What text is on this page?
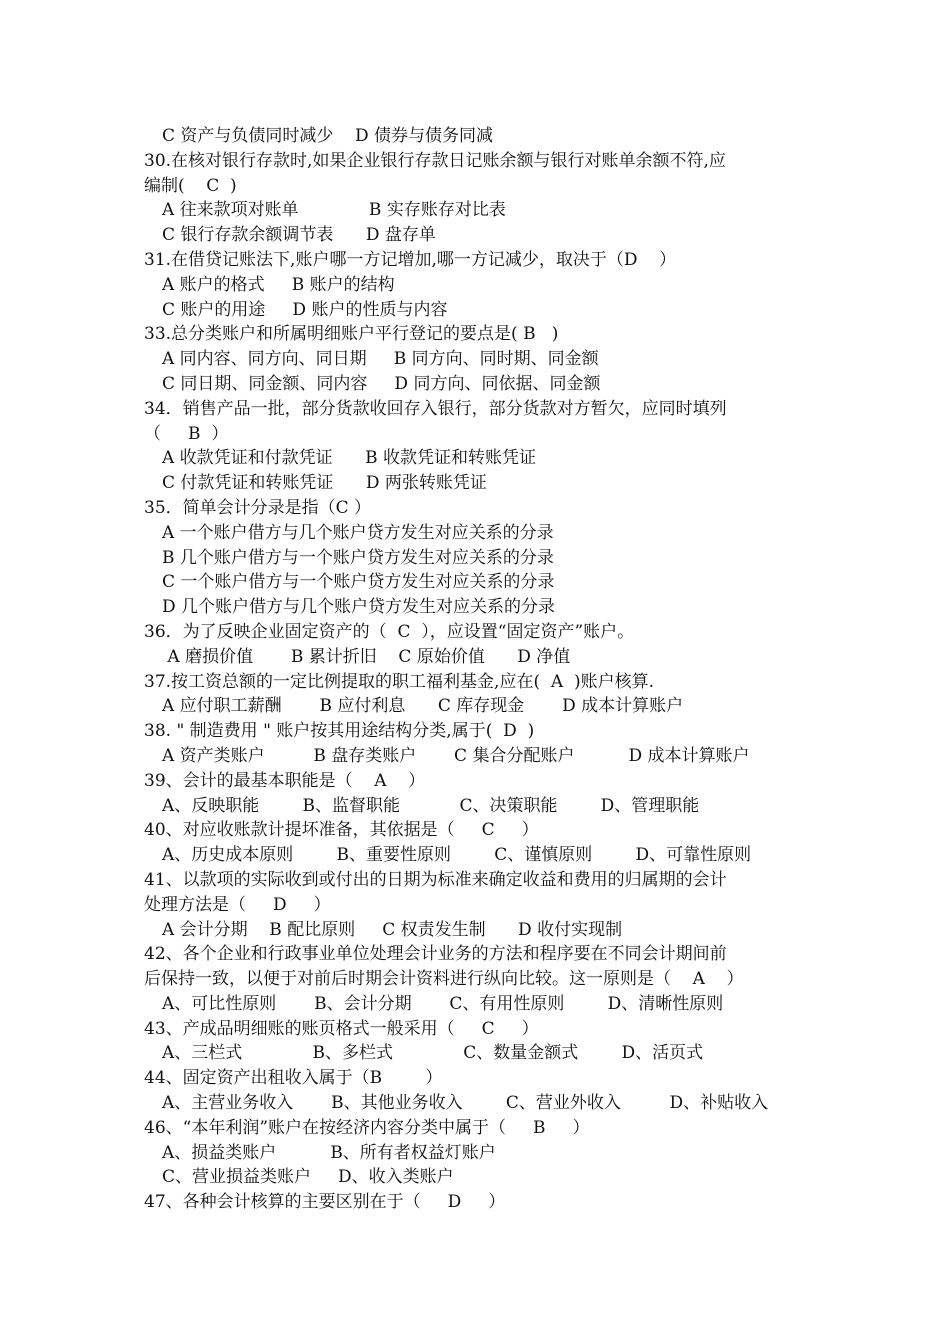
C 资产与负债同时减少    D 债券与债务同减
30.在核对银行存款时,如果企业银行存款日记账余额与银行对账单余额不符,应
编制(    C  )
A 往来款项对账单             B 实存账存对比表
C 银行存款余额调节表      D 盘存单
31.在借贷记账法下,账户哪一方记增加,哪一方记减少，取决于（D    ）
A 账户的格式     B 账户的结构
C 账户的用途     D 账户的性质与内容
33.总分类账户和所属明细账户平行登记的要点是( B   )
A 同内容、同方向、同日期     B 同方向、同时期、同金额
C 同日期、同金额、同内容     D 同方向、同依据、同金额
34．销售产品一批，部分货款收回存入银行，部分货款对方暂欠，应同时填列
（     B  ）
A 收款凭证和付款凭证      B 收款凭证和转账凭证
C 付款凭证和转账凭证      D 两张转账凭证
35．简单会计分录是指（C ）
A 一个账户借方与几个账户贷方发生对应关系的分录
B 几个账户借方与一个账户贷方发生对应关系的分录
C 一个账户借方与一个账户贷方发生对应关系的分录
D 几个账户借方与几个账户贷方发生对应关系的分录
36．为了反映企业固定资产的（  C  ），应设置“固定资产”账户。
A 磨损价值       B 累计折旧    C 原始价值      D 净值
37.按工资总额的一定比例提取的职工福利基金,应在(  A  )账户核算.
A 应付职工薪酬       B 应付利息      C 库存现金       D 成本计算账户
38. " 制造费用 " 账户按其用途结构分类,属于(  D  )
A 资产类账户         B 盘存类账户       C 集合分配账户          D 成本计算账户
39、会计的最基本职能是（    A    ）
A、反映职能        B、监督职能           C、决策职能        D、管理职能
40、对应收账款计提坏准备，其依据是（     C     ）
A、历史成本原则        B、重要性原则        C、谨慎原则        D、可靠性原则
41、以款项的实际收到或付出的日期为标准来确定收益和费用的归属期的会计
处理方法是（     D     ）
A 会计分期    B 配比原则     C 权责发生制      D 收付实现制
42、各个企业和行政事业单位处理会计业务的方法和程序要在不同会计期间前
后保持一致，以便于对前后时期会计资料进行纵向比较。这一原则是（    A    ）
A、可比性原则       B、会计分期       C、有用性原则        D、清晰性原则
43、产成品明细账的账页格式一般采用（     C     ）
A、三栏式             B、多栏式             C、数量金额式        D、活页式
44、固定资产出租收入属于（B        ）
A、主营业务收入       B、其他业务收入        C、营业外收入         D、补贴收入
46、“本年利润”账户在按经济内容分类中属于（     B     ）
A、损益类账户          B、所有者权益灯账户
C、营业损益类账户     D、收入类账户
47、各种会计核算的主要区别在于（     D     ）
